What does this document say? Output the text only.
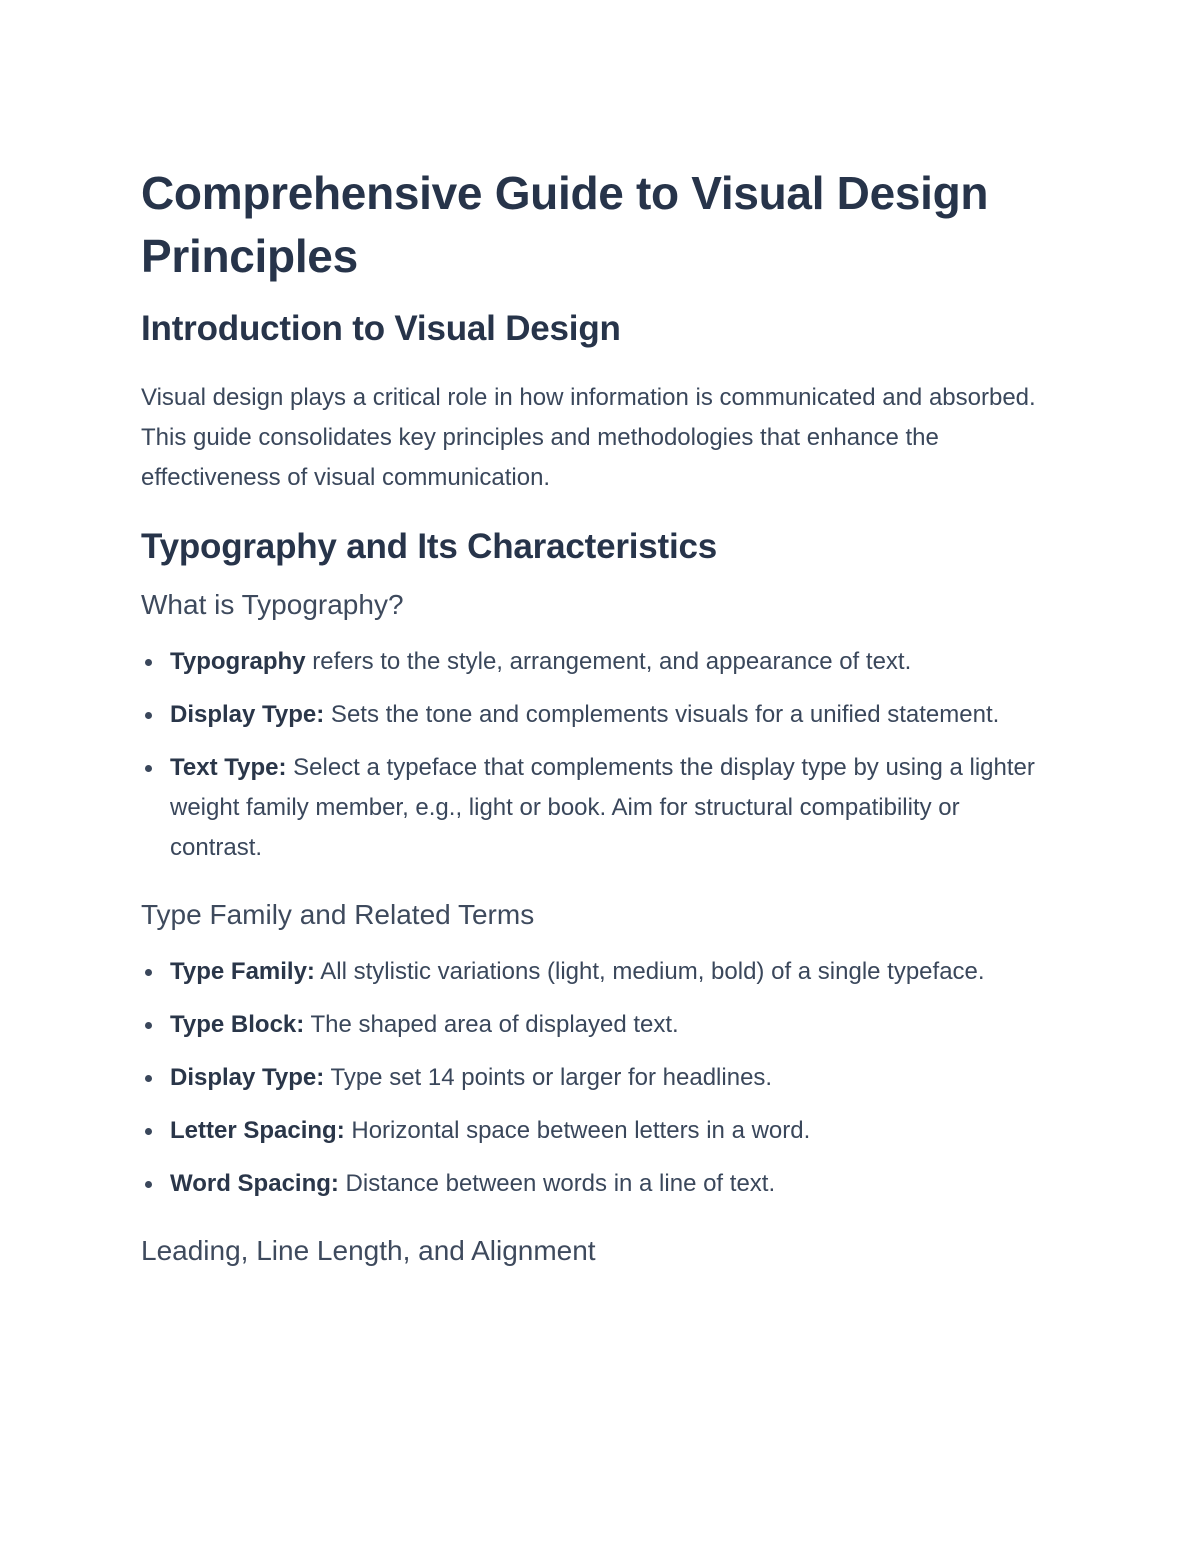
Comprehensive Guide to Visual Design Principles
Introduction to Visual Design

Visual design plays a critical role in how information is communicated and absorbed. This guide consolidates key principles and methodologies that enhance the effectiveness of visual communication.

Typography and Its Characteristics
What is Typography?
Typography refers to the style, arrangement, and appearance of text.
Display Type: Sets the tone and complements visuals for a unified statement.
Text Type: Select a typeface that complements the display type by using a lighter weight family member, e.g., light or book. Aim for structural compatibility or contrast.
Type Family and Related Terms
Type Family: All stylistic variations (light, medium, bold) of a single typeface.
Type Block: The shaped area of displayed text.
Display Type: Type set 14 points or larger for headlines.
Letter Spacing: Horizontal space between letters in a word.
Word Spacing: Distance between words in a line of text.
Leading, Line Length, and Alignment
